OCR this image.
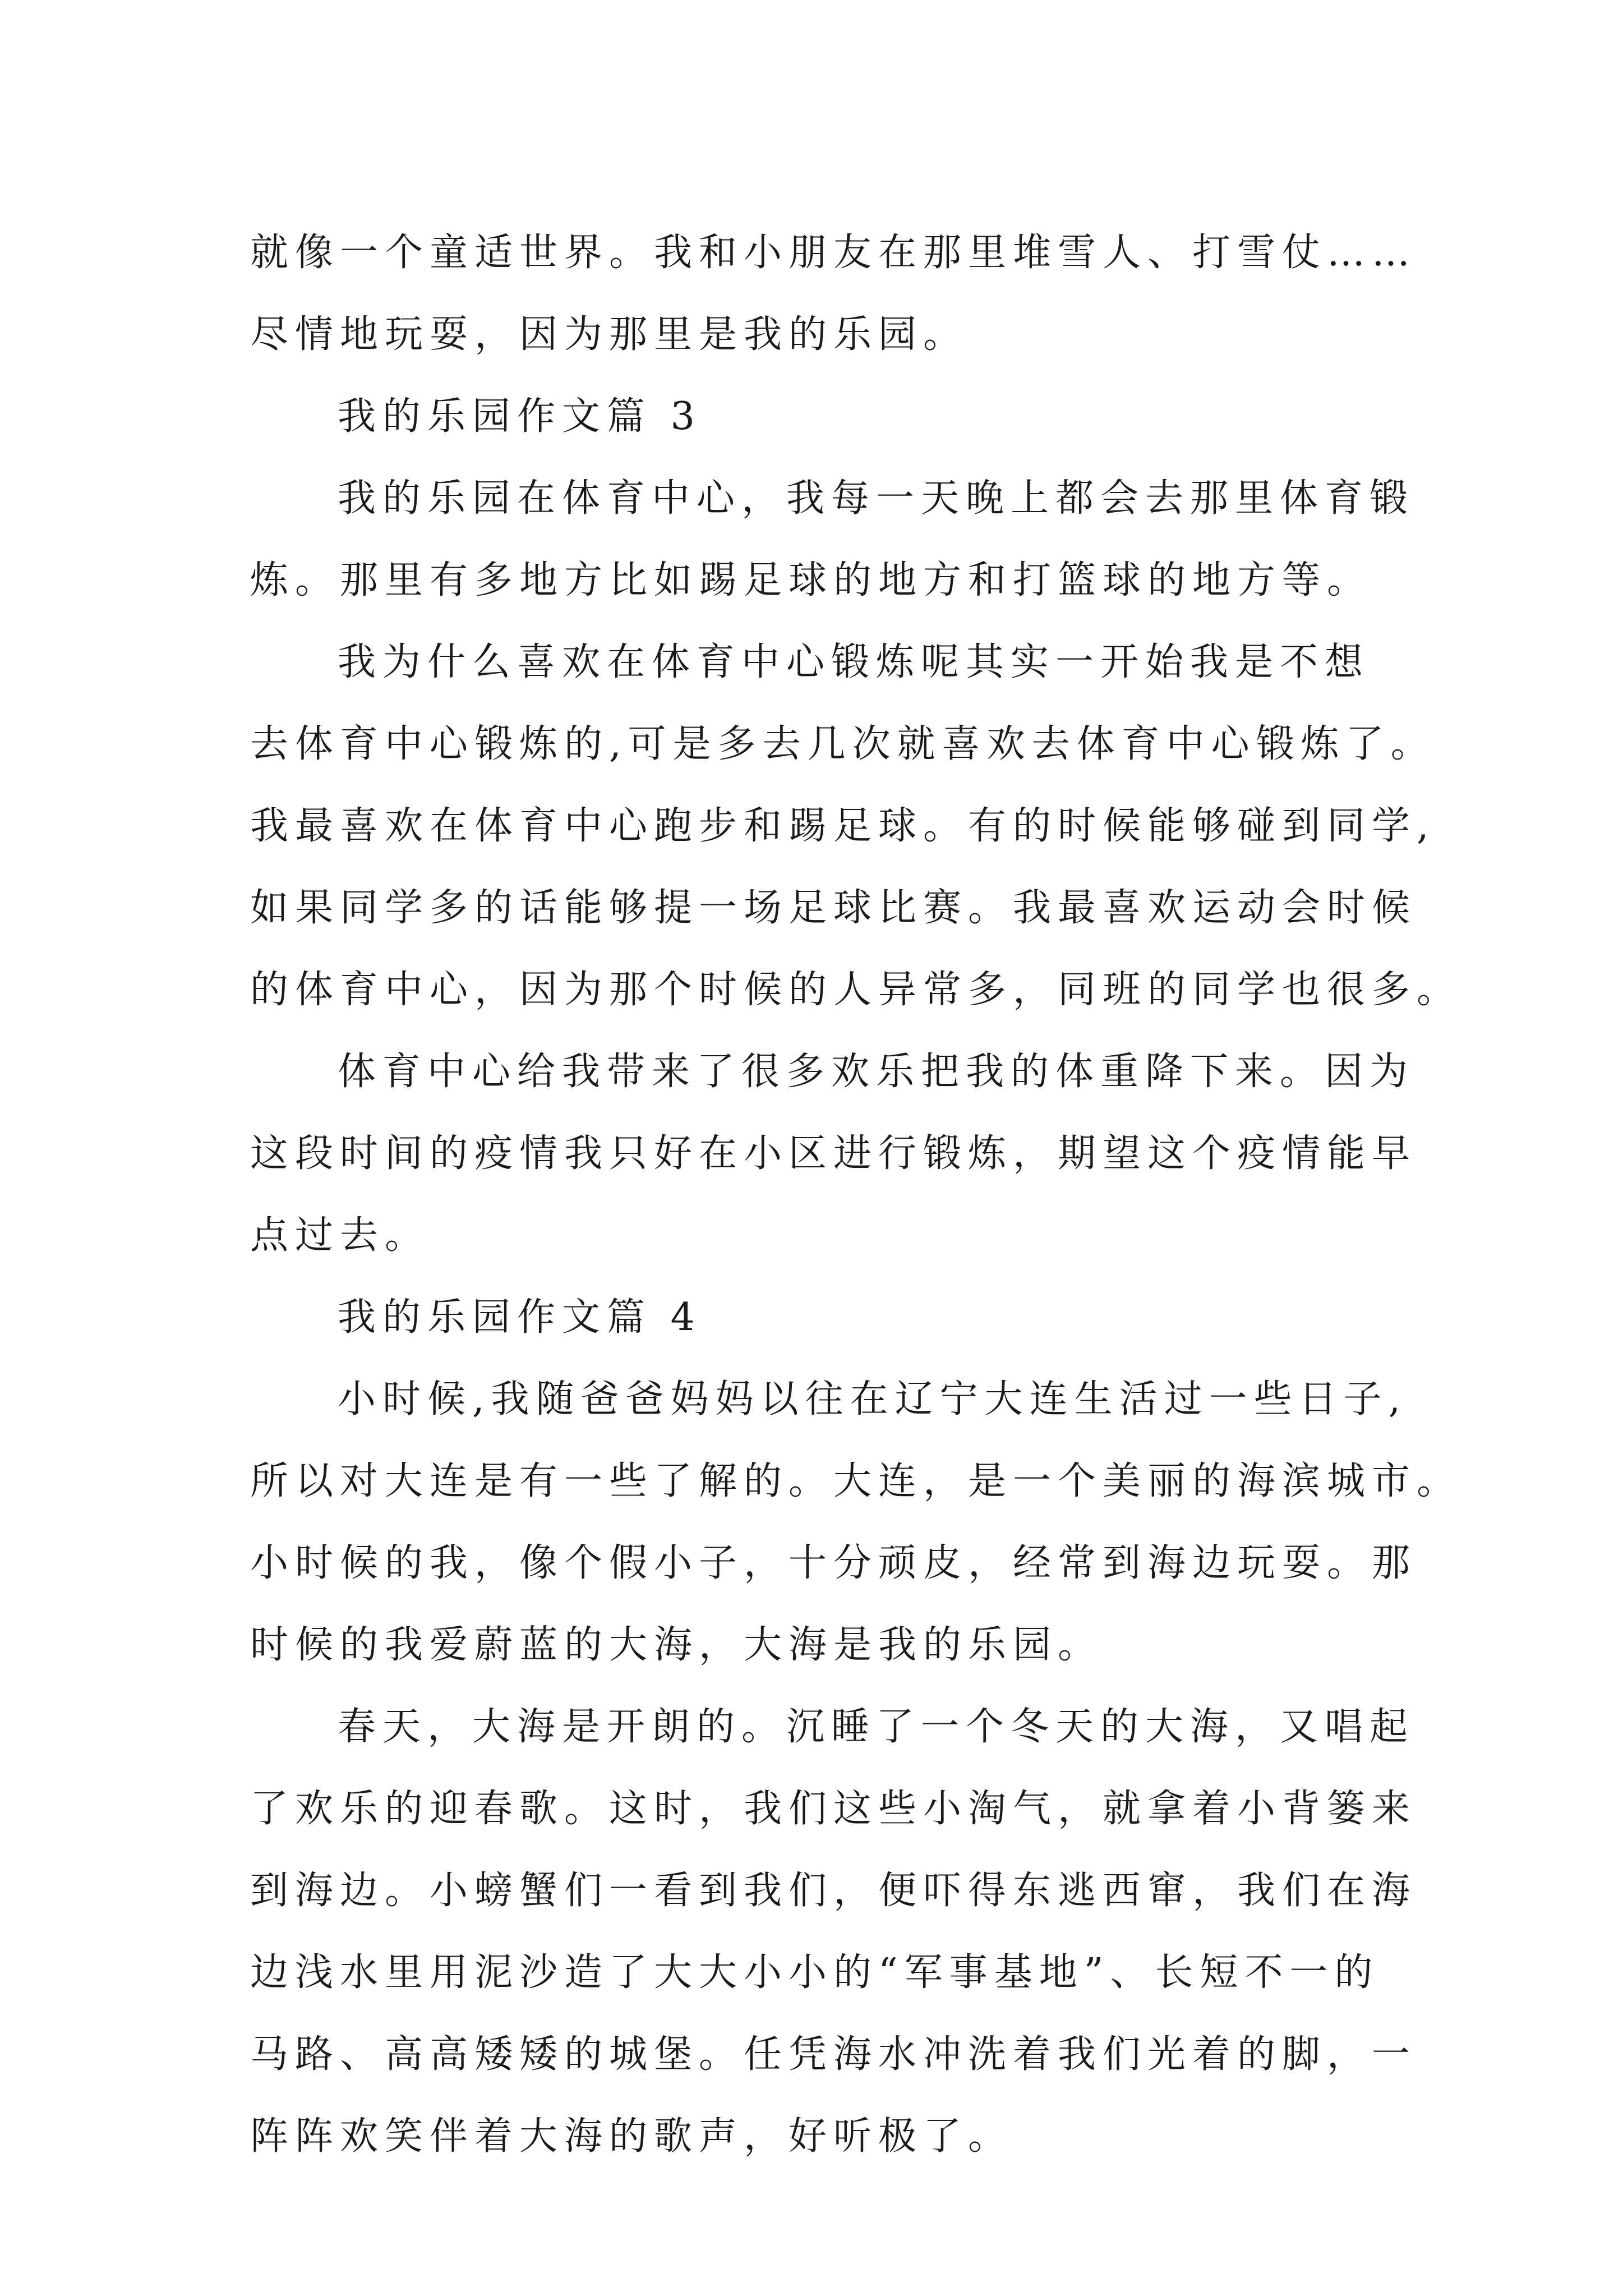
就像一个童适世界。我和小朋友在那里堆雪人、打雪仗……
尽情地玩耍，因为那里是我的乐园。
我的乐园作文篇 3
我的乐园在体育中心，我每一天晚上都会去那里体育锻
炼。那里有多地方比如踢足球的地方和打篮球的地方等。
我为什么喜欢在体育中心锻炼呢其实一开始我是不想
去体育中心锻炼的,可是多去几次就喜欢去体育中心锻炼了。
我最喜欢在体育中心跑步和踢足球。有的时候能够碰到同学,
如果同学多的话能够提一场足球比赛。我最喜欢运动会时候
的体育中心，因为那个时候的人异常多，同班的同学也很多。
体育中心给我带来了很多欢乐把我的体重降下来。因为
这段时间的疫情我只好在小区进行锻炼，期望这个疫情能早
点过去。
我的乐园作文篇 4
小时候,我随爸爸妈妈以往在辽宁大连生活过一些日子,
所以对大连是有一些了解的。大连，是一个美丽的海滨城市。
小时候的我，像个假小子，十分顽皮，经常到海边玩耍。那
时候的我爱蔚蓝的大海，大海是我的乐园。
春天，大海是开朗的。沉睡了一个冬天的大海，又唱起
了欢乐的迎春歌。这时，我们这些小淘气，就拿着小背篓来
到海边。小螃蟹们一看到我们，便吓得东逃西窜，我们在海
边浅水里用泥沙造了大大小小的“军事基地”、长短不一的
马路、高高矮矮的城堡。任凭海水冲洗着我们光着的脚，一
阵阵欢笑伴着大海的歌声，好听极了。
